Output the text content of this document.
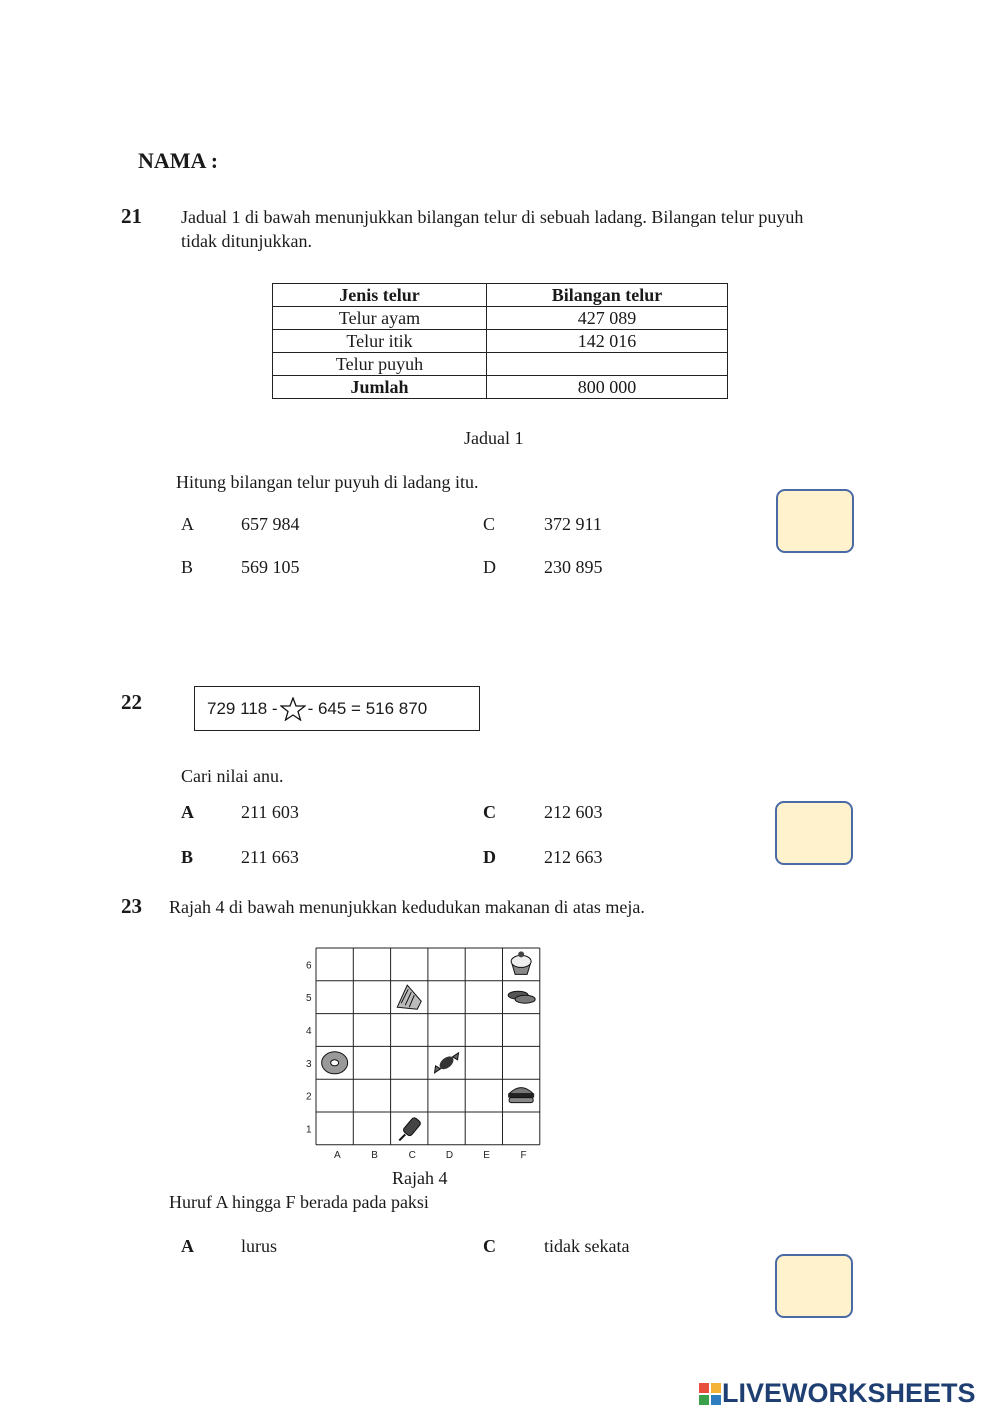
NAMA :
21 Jadual 1 di bawah menunjukkan bilangan telur di sebuah ladang. Bilangan telur puyuh
tidak ditunjukkan.
Jenis telur	Bilangan telur
Telur ayam	427 089
Telur itik	142 016
Telur puyuh	
Jumlah	800 000
Jadual 1
Hitung bilangan telur puyuh di ladang itu.
A	657 984	C	372 911
B	569 105	D	230 895
22	729 118 - - 645 = 516 870
Cari nilai anu.
A	211 603	C	212 603
B	211 663	D	212 663
23 Rajah 4 di bawah menunjukkan kedudukan makanan di atas meja.
6
5
4
3
2
1
A	B	C	D	E	F
Rajah 4
Huruf A hingga F berada pada paksi
A	lurus	C	tidak sekata
LIVEWORKSHEETS
